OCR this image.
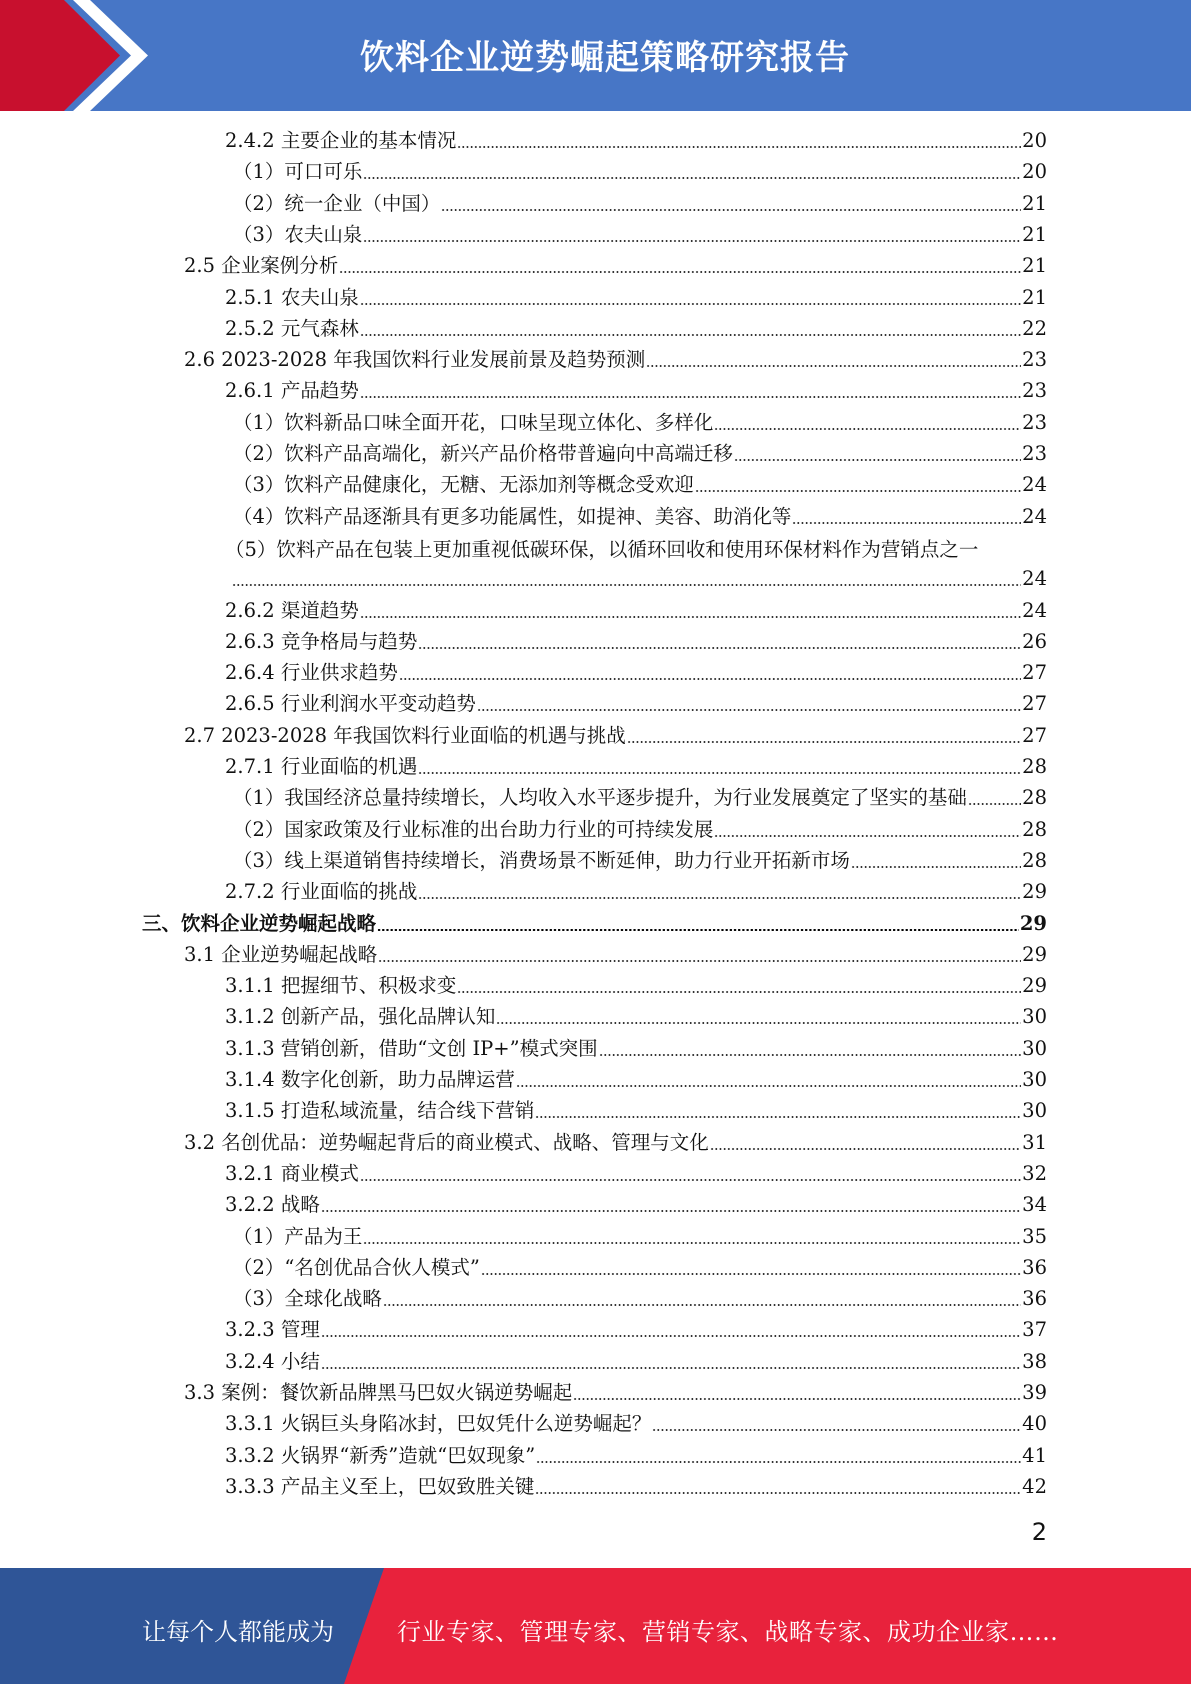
饮料企业逆势崛起策略研究报告
2.4.2 主要企业的基本情况	20
（1）可口可乐	20
（2）统一企业（中国）	21
（3）农夫山泉	21
2.5 企业案例分析	21
2.5.1 农夫山泉	21
2.5.2 元气森林	22
2.6 2023-2028 年我国饮料行业发展前景及趋势预测	23
2.6.1 产品趋势	23
（1）饮料新品口味全面开花，口味呈现立体化、多样化	23
（2）饮料产品高端化，新兴产品价格带普遍向中高端迁移	23
（3）饮料产品健康化，无糖、无添加剂等概念受欢迎	24
（4）饮料产品逐渐具有更多功能属性，如提神、美容、助消化等	24
（5）饮料产品在包装上更加重视低碳环保，以循环回收和使用环保材料作为营销点之一
24
2.6.2 渠道趋势	24
2.6.3 竞争格局与趋势	26
2.6.4 行业供求趋势	27
2.6.5 行业利润水平变动趋势	27
2.7 2023-2028 年我国饮料行业面临的机遇与挑战	27
2.7.1 行业面临的机遇	28
（1）我国经济总量持续增长，人均收入水平逐步提升，为行业发展奠定了坚实的基础	28
（2）国家政策及行业标准的出台助力行业的可持续发展	28
（3）线上渠道销售持续增长，消费场景不断延伸，助力行业开拓新市场	28
2.7.2 行业面临的挑战	29
三、饮料企业逆势崛起战略	29
3.1 企业逆势崛起战略	29
3.1.1 把握细节、积极求变	29
3.1.2 创新产品，强化品牌认知	30
3.1.3 营销创新，借助“文创 IP+”模式突围	30
3.1.4 数字化创新，助力品牌运营	30
3.1.5 打造私域流量，结合线下营销	30
3.2 名创优品：逆势崛起背后的商业模式、战略、管理与文化	31
3.2.1 商业模式	32
3.2.2 战略	34
（1）产品为王	35
（2）“名创优品合伙人模式”	36
（3）全球化战略	36
3.2.3 管理	37
3.2.4 小结	38
3.3 案例：餐饮新品牌黑马巴奴火锅逆势崛起	39
3.3.1 火锅巨头身陷冰封，巴奴凭什么逆势崛起？	40
3.3.2 火锅界“新秀”造就“巴奴现象”	41
3.3.3 产品主义至上，巴奴致胜关键	42
2
让每个人都能成为	行业专家、管理专家、营销专家、战略专家、成功企业家……
